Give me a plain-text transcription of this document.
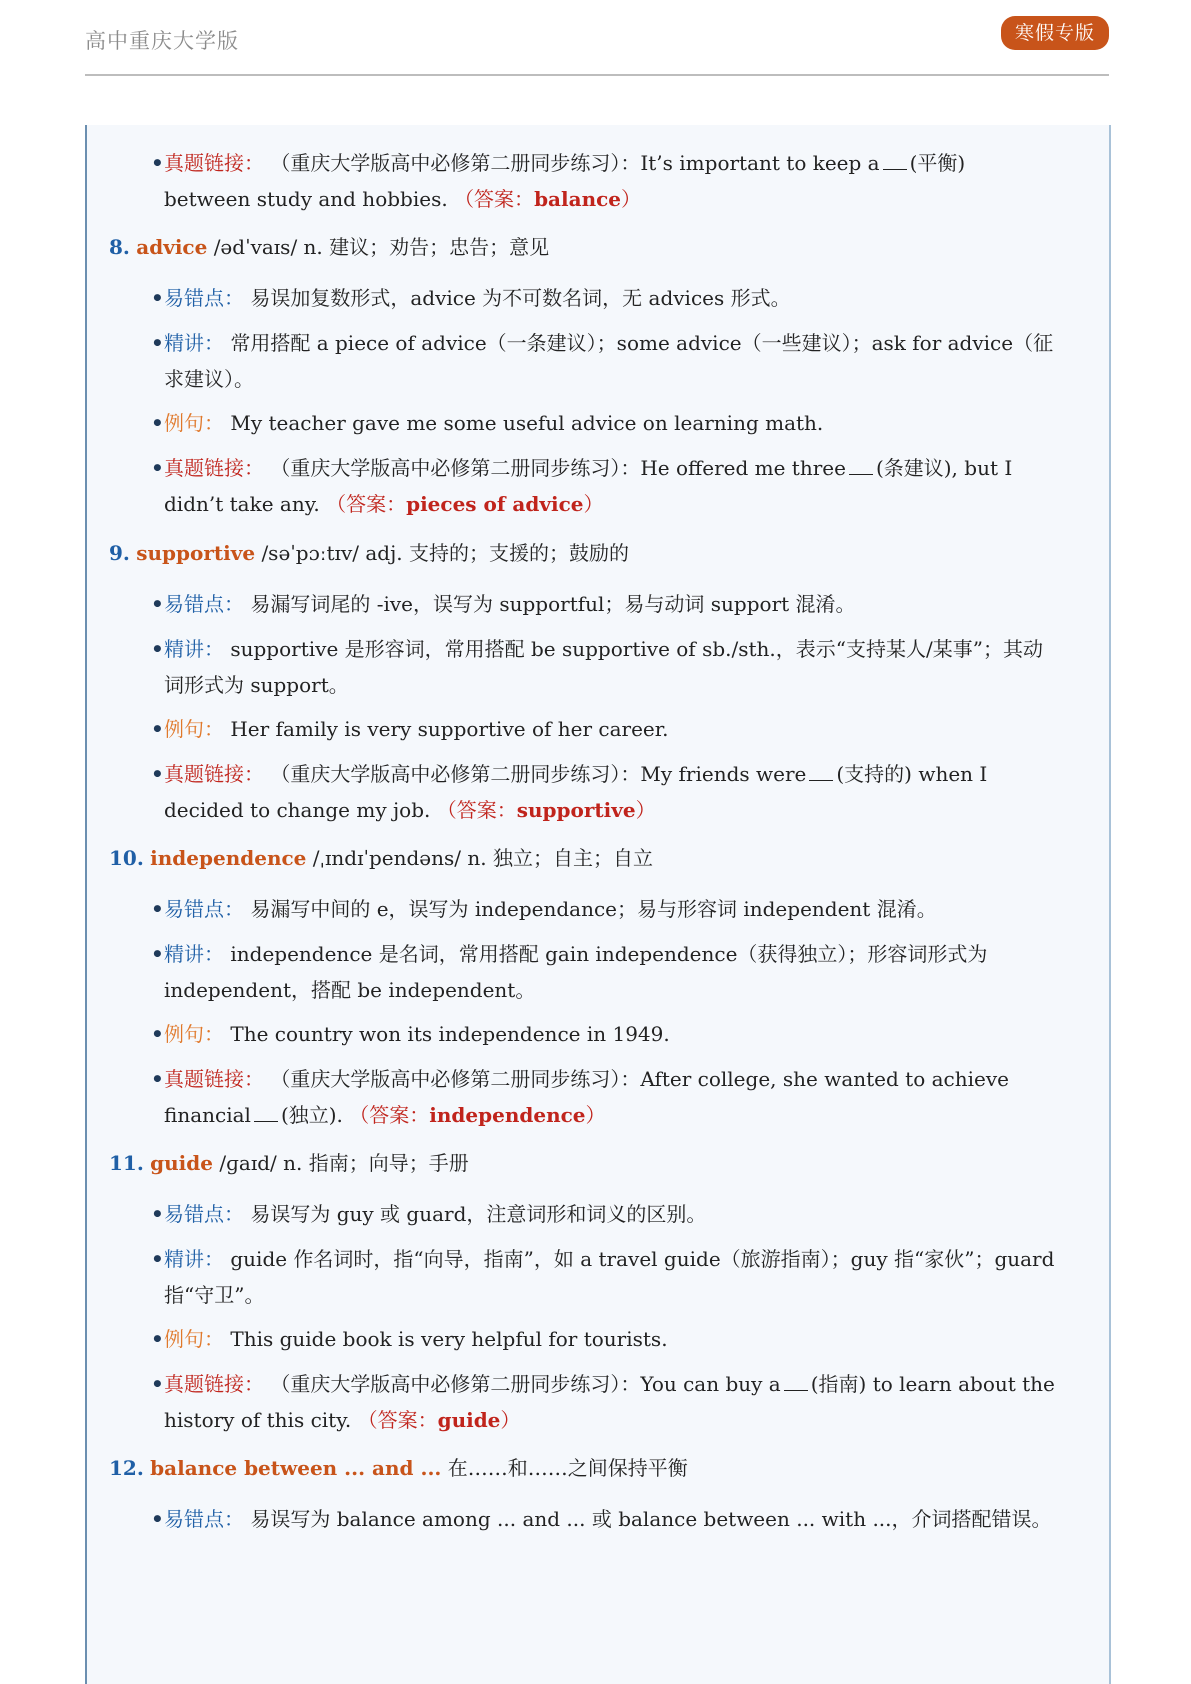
高中重庆大学版	寒假专版
• 真题链接： （重庆大学版高中必修第二册同步练习）：It’s important to keep a (平衡) between study and hobbies. （答案：balance）
8. advice /ədˈvaɪs/ n. 建议；劝告；忠告；意见
• 易错点： 易误加复数形式，advice 为不可数名词，无 advices 形式。
• 精讲： 常用搭配 a piece of advice（一条建议）；some advice（一些建议）；ask for advice（征求建议）。
• 例句： My teacher gave me some useful advice on learning math.
• 真题链接： （重庆大学版高中必修第二册同步练习）：He offered me three (条建议), but I didn’t take any. （答案：pieces of advice）
9. supportive /səˈpɔːtɪv/ adj. 支持的；支援的；鼓励的
• 易错点： 易漏写词尾的 -ive，误写为 supportful；易与动词 support 混淆。
• 精讲： supportive 是形容词，常用搭配 be supportive of sb./sth.，表示“支持某人/某事”；其动词形式为 support。
• 例句： Her family is very supportive of her career.
• 真题链接： （重庆大学版高中必修第二册同步练习）：My friends were (支持的) when I decided to change my job. （答案：supportive）
10. independence /ˌɪndɪˈpendəns/ n. 独立；自主；自立
• 易错点： 易漏写中间的 e，误写为 independance；易与形容词 independent 混淆。
• 精讲： independence 是名词，常用搭配 gain independence（获得独立）；形容词形式为 independent，搭配 be independent。
• 例句： The country won its independence in 1949.
• 真题链接： （重庆大学版高中必修第二册同步练习）：After college, she wanted to achieve financial (独立). （答案：independence）
11. guide /ɡaɪd/ n. 指南；向导；手册
• 易错点： 易误写为 guy 或 guard，注意词形和词义的区别。
• 精讲： guide 作名词时，指“向导，指南”，如 a travel guide（旅游指南）；guy 指“家伙”；guard 指“守卫”。
• 例句： This guide book is very helpful for tourists.
• 真题链接： （重庆大学版高中必修第二册同步练习）：You can buy a (指南) to learn about the history of this city. （答案：guide）
12. balance between ... and ... 在……和……之间保持平衡
• 易错点： 易误写为 balance among ... and ... 或 balance between ... with ...，介词搭配错误。
